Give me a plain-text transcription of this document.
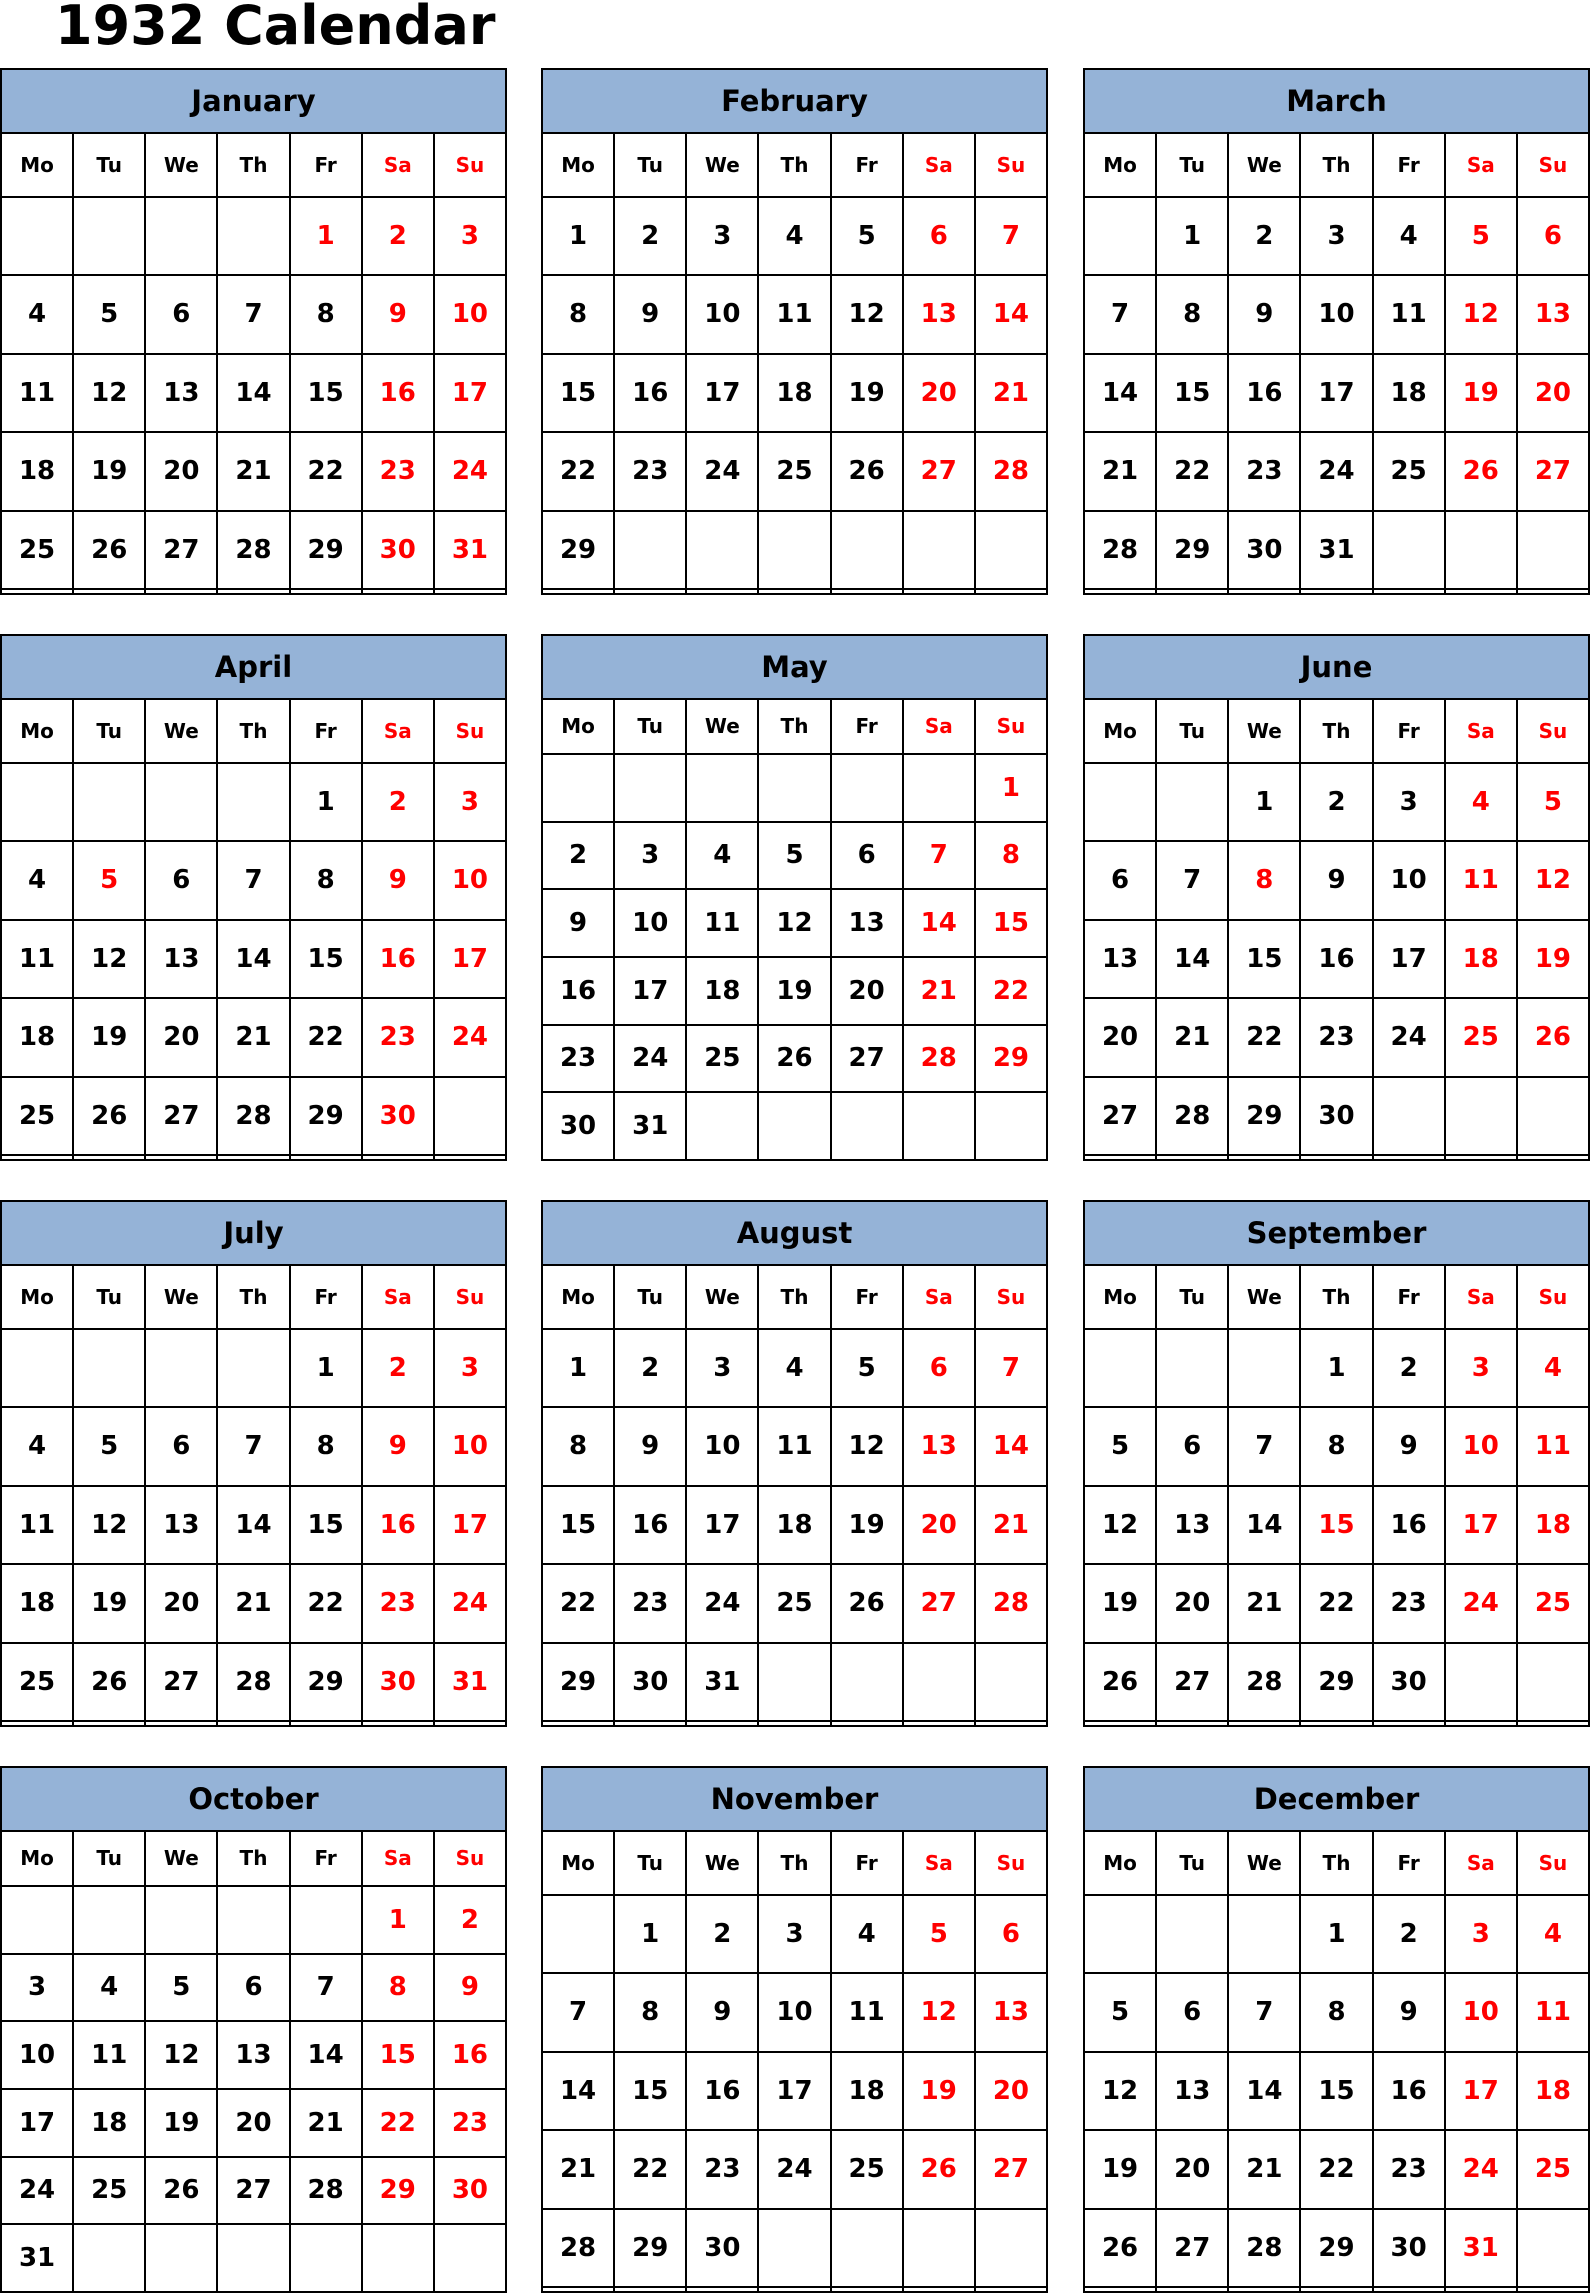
1932 Calendar
January
Mo	Tu	We	Th	Fr	Sa	Su
				1	2	3
4	5	6	7	8	9	10
11	12	13	14	15	16	17
18	19	20	21	22	23	24
25	26	27	28	29	30	31

February
Mo	Tu	We	Th	Fr	Sa	Su
1	2	3	4	5	6	7
8	9	10	11	12	13	14
15	16	17	18	19	20	21
22	23	24	25	26	27	28
29						

March
Mo	Tu	We	Th	Fr	Sa	Su
	1	2	3	4	5	6
7	8	9	10	11	12	13
14	15	16	17	18	19	20
21	22	23	24	25	26	27
28	29	30	31			

April
Mo	Tu	We	Th	Fr	Sa	Su
				1	2	3
4	5	6	7	8	9	10
11	12	13	14	15	16	17
18	19	20	21	22	23	24
25	26	27	28	29	30	

May
Mo	Tu	We	Th	Fr	Sa	Su
						1
2	3	4	5	6	7	8
9	10	11	12	13	14	15
16	17	18	19	20	21	22
23	24	25	26	27	28	29
30	31					
June
Mo	Tu	We	Th	Fr	Sa	Su
		1	2	3	4	5
6	7	8	9	10	11	12
13	14	15	16	17	18	19
20	21	22	23	24	25	26
27	28	29	30			

July
Mo	Tu	We	Th	Fr	Sa	Su
				1	2	3
4	5	6	7	8	9	10
11	12	13	14	15	16	17
18	19	20	21	22	23	24
25	26	27	28	29	30	31

August
Mo	Tu	We	Th	Fr	Sa	Su
1	2	3	4	5	6	7
8	9	10	11	12	13	14
15	16	17	18	19	20	21
22	23	24	25	26	27	28
29	30	31				

September
Mo	Tu	We	Th	Fr	Sa	Su
			1	2	3	4
5	6	7	8	9	10	11
12	13	14	15	16	17	18
19	20	21	22	23	24	25
26	27	28	29	30		

October
Mo	Tu	We	Th	Fr	Sa	Su
					1	2
3	4	5	6	7	8	9
10	11	12	13	14	15	16
17	18	19	20	21	22	23
24	25	26	27	28	29	30
31						
November
Mo	Tu	We	Th	Fr	Sa	Su
	1	2	3	4	5	6
7	8	9	10	11	12	13
14	15	16	17	18	19	20
21	22	23	24	25	26	27
28	29	30				

December
Mo	Tu	We	Th	Fr	Sa	Su
			1	2	3	4
5	6	7	8	9	10	11
12	13	14	15	16	17	18
19	20	21	22	23	24	25
26	27	28	29	30	31	
